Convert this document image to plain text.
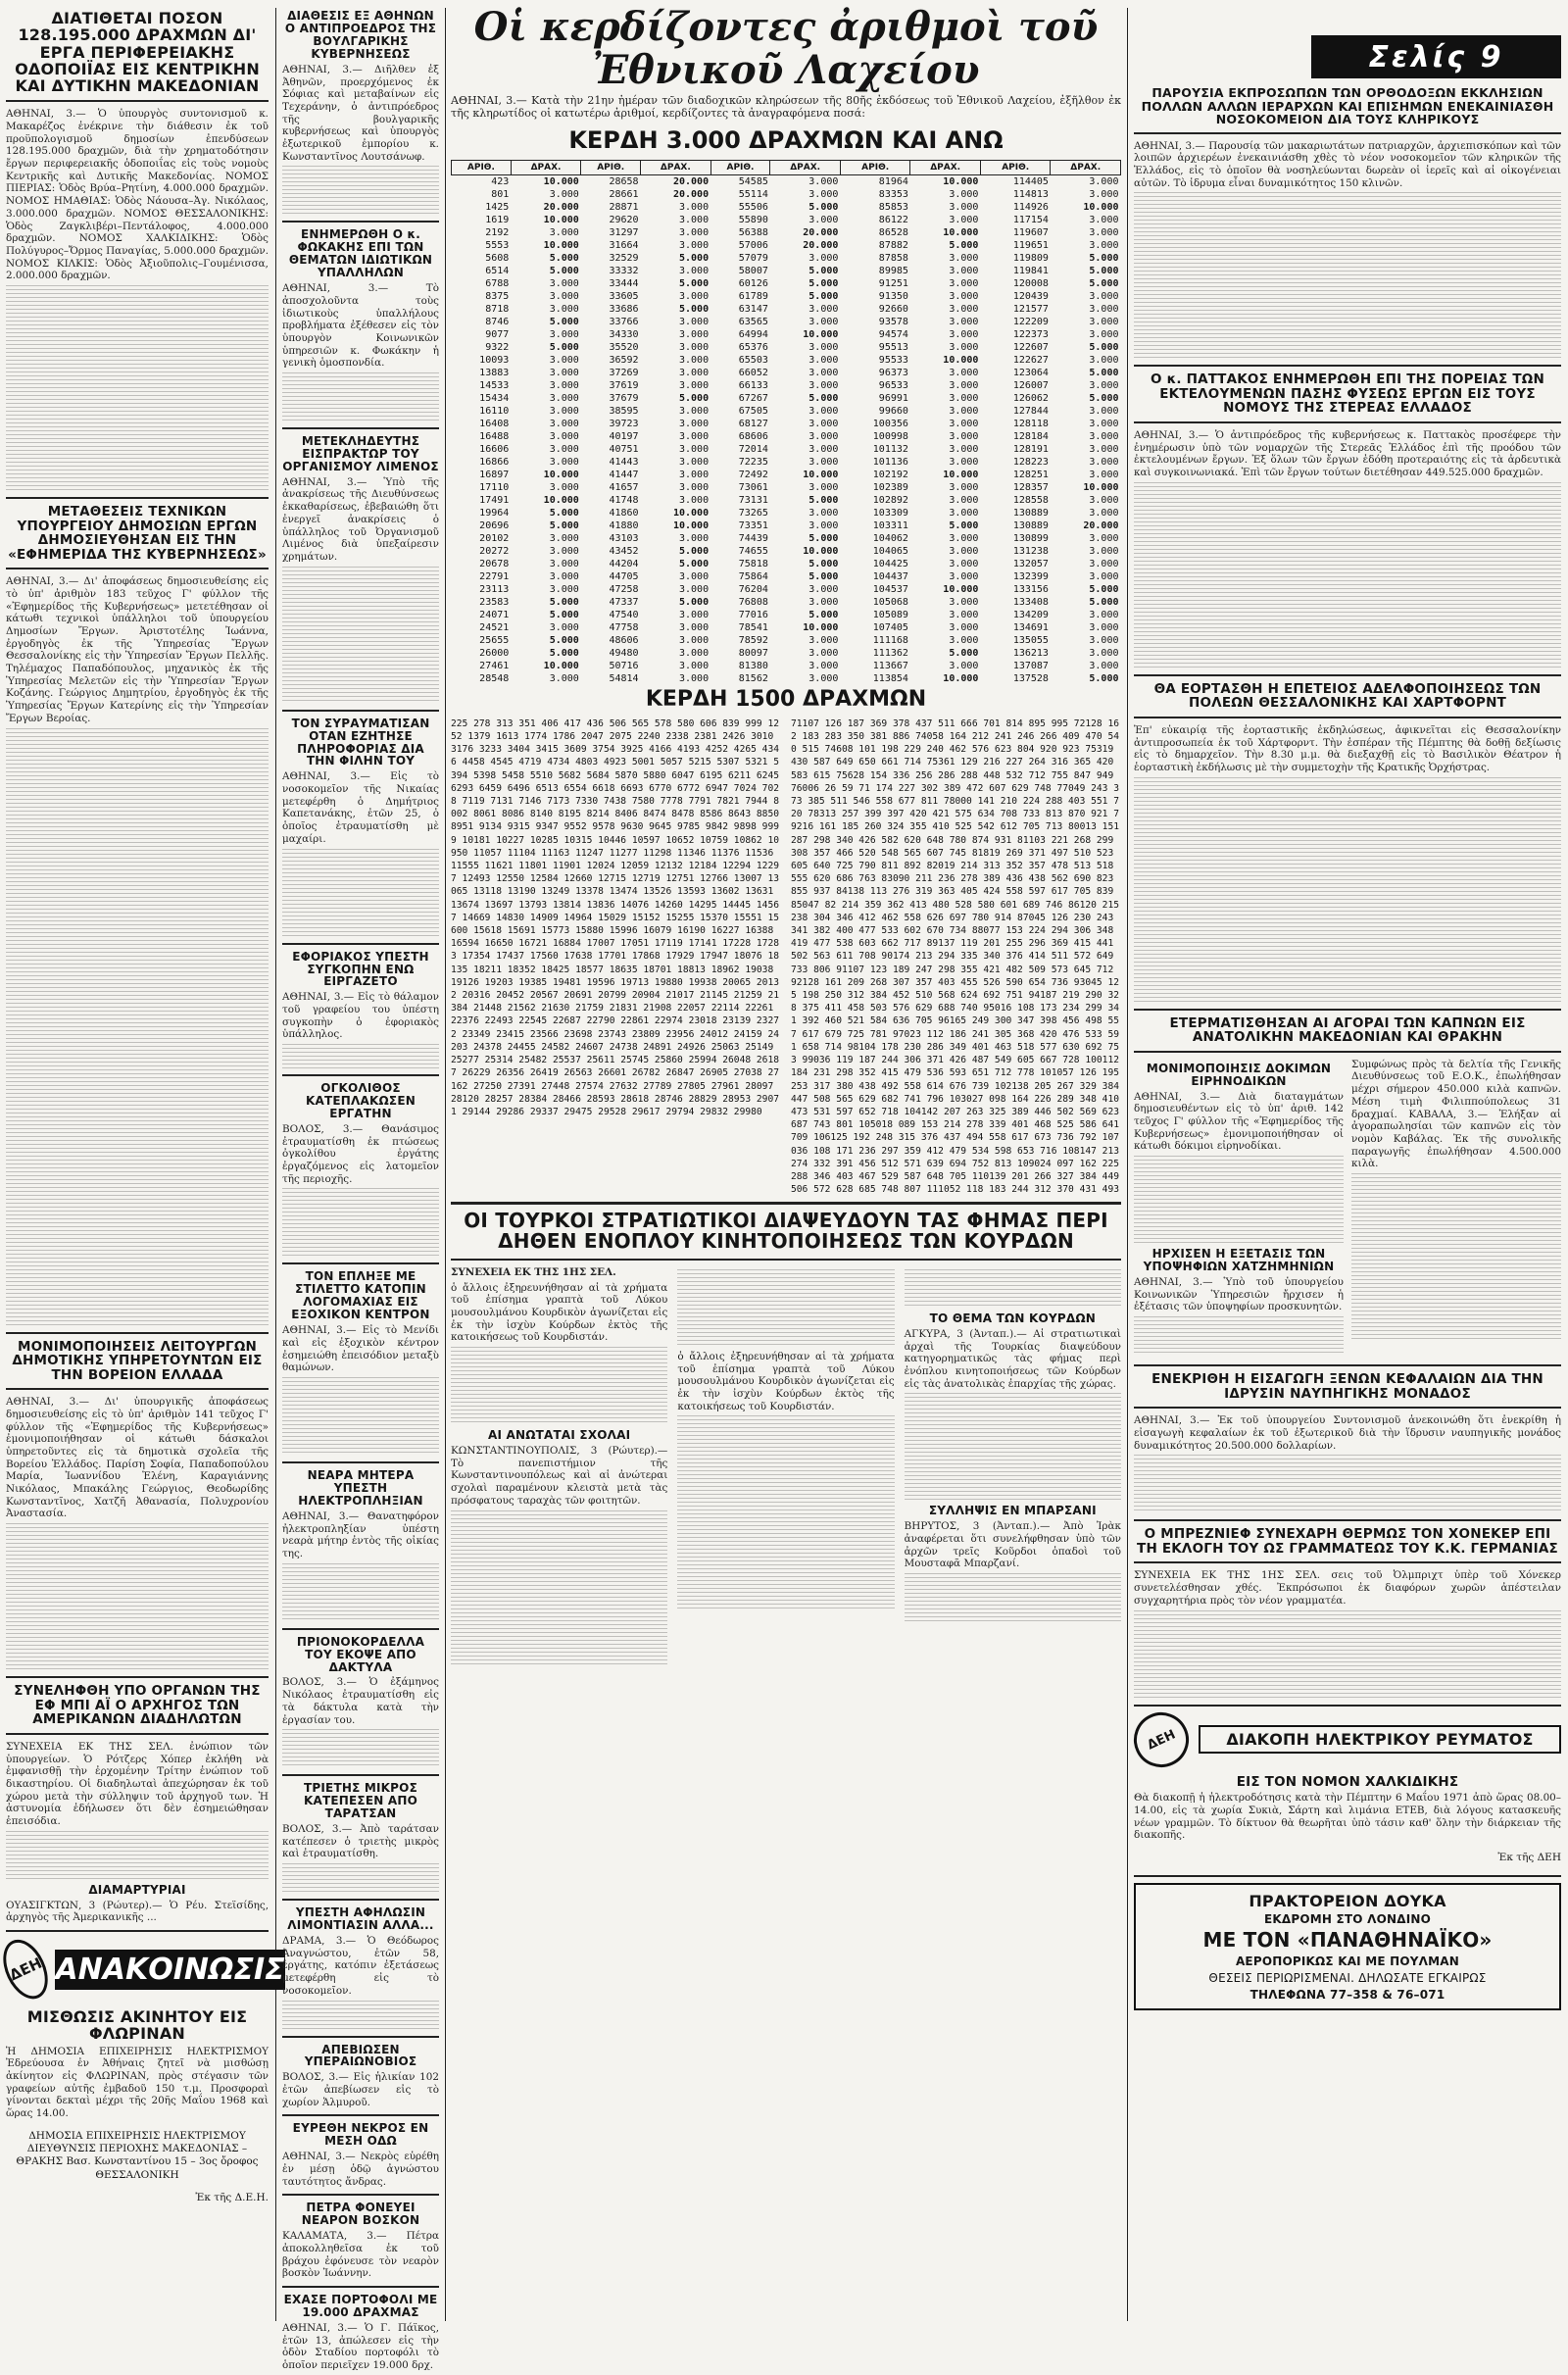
ΔΙΑΤΙΘΕΤΑΙ ΠΟΣΟΝ 128.195.000 ΔΡΑΧΜΩΝ ΔΙ' ΕΡΓΑ ΠΕΡΙΦΕΡΕΙΑΚΗΣ ΟΔΟΠΟΙΪΑΣ ΕΙΣ ΚΕΝΤΡΙΚΗΝ ΚΑΙ ΔΥΤΙΚΗΝ ΜΑΚΕΔΟΝΙΑΝ

ΑΘΗΝΑΙ, 3.— Ὁ ὑπουργὸς συντονισμοῦ κ. Μακαρέζος ἐνέκρινε τὴν διάθεσιν ἐκ τοῦ προϋπολογισμοῦ δημοσίων ἐπενδύσεων 128.195.000 δραχμῶν, διὰ τὴν χρηματοδότησιν ἔργων περιφερειακῆς ὁδοποιΐας εἰς τοὺς νομοὺς Κεντρικῆς καὶ Δυτικῆς Μακεδονίας. ΝΟΜΟΣ ΠΙΕΡΙΑΣ: Ὁδὸς Βρύα–Ρητίνη, 4.000.000 δραχμῶν. ΝΟΜΟΣ ΗΜΑΘΙΑΣ: Ὁδὸς Νάουσα–Ἀγ. Νικόλαος, 3.000.000 δραχμῶν. ΝΟΜΟΣ ΘΕΣΣΑΛΟΝΙΚΗΣ: Ὁδὸς Ζαγκλιβέρι–Πεντάλοφος, 4.000.000 δραχμῶν. ΝΟΜΟΣ ΧΑΛΚΙΔΙΚΗΣ: Ὁδὸς Πολύγυρος–Ὄρμος Παναγίας, 5.000.000 δραχμῶν. ΝΟΜΟΣ ΚΙΛΚΙΣ: Ὁδὸς Ἀξιοῦπολις–Γουμένισσα, 2.000.000 δραχμῶν.

ΜΕΤΑΘΕΣΕΙΣ ΤΕΧΝΙΚΩΝ ΥΠΟΥΡΓΕΙΟΥ ΔΗΜΟΣΙΩΝ ΕΡΓΩΝ ΔΗΜΟΣΙΕΥΘΗΣΑΝ ΕΙΣ ΤΗΝ «ΕΦΗΜΕΡΙΔΑ ΤΗΣ ΚΥΒΕΡΝΗΣΕΩΣ»

ΑΘΗΝΑΙ, 3.— Δι' ἀποφάσεως δημοσιευθείσης εἰς τὸ ὑπ' ἀριθμὸν 183 τεῦχος Γ' φύλλον τῆς «Ἐφημερίδος τῆς Κυβερνήσεως» μετετέθησαν οἱ κάτωθι τεχνικοὶ ὑπάλληλοι τοῦ ὑπουργείου Δημοσίων Ἔργων. Ἀριστοτέλης Ἰωάννα, ἐργοδηγὸς ἐκ τῆς Ὑπηρεσίας Ἔργων Θεσσαλονίκης εἰς τὴν Ὑπηρεσίαν Ἔργων Πελλῆς. Τηλέμαχος Παπαδόπουλος, μηχανικὸς ἐκ τῆς Ὑπηρεσίας Μελετῶν εἰς τὴν Ὑπηρεσίαν Ἔργων Κοζάνης. Γεώργιος Δημητρίου, ἐργοδηγὸς ἐκ τῆς Ὑπηρεσίας Ἔργων Κατερίνης εἰς τὴν Ὑπηρεσίαν Ἔργων Βεροίας.

ΜΟΝΙΜΟΠΟΙΗΣΕΙΣ ΛΕΙΤΟΥΡΓΩΝ ΔΗΜΟΤΙΚΗΣ ΥΠΗΡΕΤΟΥΝΤΩΝ ΕΙΣ ΤΗΝ ΒΟΡΕΙΟΝ ΕΛΛΑΔΑ

ΑΘΗΝΑΙ, 3.— Δι' ὑπουργικῆς ἀποφάσεως δημοσιευθείσης εἰς τὸ ὑπ' ἀριθμὸν 141 τεῦχος Γ' φύλλον τῆς «Ἐφημερίδος τῆς Κυβερνήσεως» ἐμονιμοποιήθησαν οἱ κάτωθι δάσκαλοι ὑπηρετοῦντες εἰς τὰ δημοτικὰ σχολεῖα τῆς Βορείου Ἑλλάδος. Παρίση Σοφία, Παπαδοπούλου Μαρία, Ἰωαννίδου Ἑλένη, Καραγιάννης Νικόλαος, Μπακάλης Γεώργιος, Θεοδωρίδης Κωνσταντῖνος, Χατζῆ Ἀθανασία, Πολυχρονίου Ἀναστασία.

ΣΥΝΕΛΗΦΘΗ ΥΠΟ ΟΡΓΑΝΩΝ ΤΗΣ ΕΦ ΜΠΙ ΑΪ Ο ΑΡΧΗΓΟΣ ΤΩΝ ΑΜΕΡΙΚΑΝΩΝ ΔΙΑΔΗΛΩΤΩΝ

ΣΥΝΕΧΕΙΑ ΕΚ ΤΗΣ ΣΕΛ. ἐνώπιον τῶν ὑπουργείων. Ὁ Ρότζερς Χόπερ ἐκλήθη νὰ ἐμφανισθῇ τὴν ἐρχομένην Τρίτην ἐνώπιον τοῦ δικαστηρίου. Οἱ διαδηλωταὶ ἀπεχώρησαν ἐκ τοῦ χώρου μετὰ τὴν σύλληψιν τοῦ ἀρχηγοῦ των. Ἡ ἀστυνομία ἐδήλωσεν ὅτι δὲν ἐσημειώθησαν ἐπεισόδια.

ΔΙΑΜΑΡΤΥΡΙΑΙ

ΟΥΑΣΙΓΚΤΩΝ, 3 (Ρώυτερ).— Ὁ Ρέυ. Στεϊσίδης, ἀρχηγὸς τῆς Ἀμερικανικῆς ...

ΔΕΗ ΑΝΑΚΟΙΝΩΣΙΣ
ΜΙΣΘΩΣΙΣ ΑΚΙΝΗΤΟΥ ΕΙΣ ΦΛΩΡΙΝΑΝ

Ἡ ΔΗΜΟΣΙΑ ΕΠΙΧΕΙΡΗΣΙΣ ΗΛΕΚΤΡΙΣΜΟΥ Ἐδρεύουσα ἐν Ἀθήναις ζητεῖ νὰ μισθώσῃ ἀκίνητον εἰς ΦΛΩΡΙΝΑΝ, πρὸς στέγασιν τῶν γραφείων αὐτῆς ἐμβαδοῦ 150 τ.μ. Προσφοραὶ γίνονται δεκταὶ μέχρι τῆς 20ῆς Μαΐου 1968 καὶ ὥρας 14.00.

ΔΗΜΟΣΙΑ ΕΠΙΧΕΙΡΗΣΙΣ ΗΛΕΚΤΡΙΣΜΟΥ ΔΙΕΥΘΥΝΣΙΣ ΠΕΡΙΟΧΗΣ ΜΑΚΕΔΟΝΙΑΣ – ΘΡΑΚΗΣ Βασ. Κωνσταντίνου 15 – 3ος ὄροφος ΘΕΣΣΑΛΟΝΙΚΗ

Ἐκ τῆς Δ.Ε.Η.

ΔΙΑΘΕΣΙΣ ΕΞ ΑΘΗΝΩΝ Ο ΑΝΤΙΠΡΟΕΔΡΟΣ ΤΗΣ ΒΟΥΛΓΑΡΙΚΗΣ ΚΥΒΕΡΝΗΣΕΩΣ

ΑΘΗΝΑΙ, 3.— Διῆλθεν ἐξ Ἀθηνῶν, προερχόμενος ἐκ Σόφιας καὶ μεταβαίνων εἰς Τεχεράνην, ὁ ἀντιπρόεδρος τῆς βουλγαρικῆς κυβερνήσεως καὶ ὑπουργὸς ἐξωτερικοῦ ἐμπορίου κ. Κωνσταντῖνος Λουτσάνωφ.

ΕΝΗΜΕΡΩΘΗ Ο κ. ΦΩΚΑΚΗΣ ΕΠΙ ΤΩΝ ΘΕΜΑΤΩΝ ΙΔΙΩΤΙΚΩΝ ΥΠΑΛΛΗΛΩΝ

ΑΘΗΝΑΙ, 3.— Τὸ ἀποσχολοῦντα τοὺς ἰδιωτικοὺς ὑπαλλήλους προβλήματα ἐξέθεσεν εἰς τὸν ὑπουργὸν Κοινωνικῶν ὑπηρεσιῶν κ. Φωκάκην ἡ γενικὴ ὁμοσπονδία.

ΜΕΤΕΚΛΗΔΕΥΤΗΣ ΕΙΣΠΡΑΚΤΩΡ ΤΟΥ ΟΡΓΑΝΙΣΜΟΥ ΛΙΜΕΝΟΣ

ΑΘΗΝΑΙ, 3.— Ὑπὸ τῆς ἀνακρίσεως τῆς Διευθύνσεως ἐκκαθαρίσεως, ἐβεβαιώθη ὅτι ἐνεργεῖ ἀνακρίσεις ὁ ὑπάλληλος τοῦ Ὀργανισμοῦ Λιμένος διὰ ὑπεξαίρεσιν χρημάτων.

ΤΟΝ ΣΥΡΑΥΜΑΤΙΣΑΝ ΟΤΑΝ ΕΖΗΤΗΣΕ ΠΛΗΡΟΦΟΡΙΑΣ ΔΙΑ ΤΗΝ ΦΙΛΗΝ ΤΟΥ

ΑΘΗΝΑΙ, 3.— Εἰς τὸ νοσοκομεῖον τῆς Νικαίας μετεφέρθη ὁ Δημήτριος Καπετανάκης, ἐτῶν 25, ὁ ὁποῖος ἐτραυματίσθη μὲ μαχαίρι.

ΕΦΟΡΙΑΚΟΣ ΥΠΕΣΤΗ ΣΥΓΚΟΠΗΝ ΕΝΩ ΕΙΡΓΑΖΕΤΟ

ΑΘΗΝΑΙ, 3.— Εἰς τὸ θάλαμον τοῦ γραφείου του ὑπέστη συγκοπὴν ὁ ἐφοριακὸς ὑπάλληλος.

ΟΓΚΟΛΙΘΟΣ ΚΑΤΕΠΛΑΚΩΣΕΝ ΕΡΓΑΤΗΝ

ΒΟΛΟΣ, 3.— Θανάσιμος ἐτραυματίσθη ἐκ πτώσεως ὀγκολίθου ἐργάτης ἐργαζόμενος εἰς λατομεῖον τῆς περιοχῆς.

ΤΟΝ ΕΠΛΗΞΕ ΜΕ ΣΤΙΛΕΤΤΟ ΚΑΤΟΠΙΝ ΛΟΓΟΜΑΧΙΑΣ ΕΙΣ ΕΞΟΧΙΚΟΝ ΚΕΝΤΡΟΝ

ΑΘΗΝΑΙ, 3.— Εἰς τὸ Μενίδι καὶ εἰς ἐξοχικὸν κέντρον ἐσημειώθη ἐπεισόδιον μεταξὺ θαμώνων.

ΝΕΑΡΑ ΜΗΤΕΡΑ ΥΠΕΣΤΗ ΗΛΕΚΤΡΟΠΛΗΞΙΑΝ

ΑΘΗΝΑΙ, 3.— Θανατηφόρον ἠλεκτροπληξίαν ὑπέστη νεαρὰ μήτηρ ἐντὸς τῆς οἰκίας της.

ΠΡΙΟΝΟΚΟΡΔΕΛΛΑ ΤΟΥ ΕΚΟΨΕ ΑΠΟ ΔΑΚΤΥΛΑ

ΒΟΛΟΣ, 3.— Ὁ ἐξάμηνος Νικόλαος ἐτραυματίσθη εἰς τὰ δάκτυλα κατὰ τὴν ἐργασίαν του.

ΤΡΙΕΤΗΣ ΜΙΚΡΟΣ ΚΑΤΕΠΕΣΕΝ ΑΠΟ ΤΑΡΑΤΣΑΝ

ΒΟΛΟΣ, 3.— Ἀπὸ ταράτσαν κατέπεσεν ὁ τριετὴς μικρὸς καὶ ἐτραυματίσθη.

ΥΠΕΣΤΗ ΑΦΗΛΩΣΙΝ ΛΙΜΟΝΤΙΑΣΙΝ ΑΛΛΑ...

ΔΡΑΜΑ, 3.— Ὁ Θεόδωρος Ἀναγνώστου, ἐτῶν 58, ἐργάτης, κατόπιν ἐξετάσεως μετεφέρθη εἰς τὸ νοσοκομεῖον.

ΑΠΕΒΙΩΣΕΝ ΥΠΕΡΑΙΩΝΟΒΙΟΣ

ΒΟΛΟΣ, 3.— Εἰς ἡλικίαν 102 ἐτῶν ἀπεβίωσεν εἰς τὸ χωρίον Ἁλμυροῦ.

ΕΥΡΕΘΗ ΝΕΚΡΟΣ ΕΝ ΜΕΣΗ ΟΔΩ

ΑΘΗΝΑΙ, 3.— Νεκρὸς εὑρέθη ἐν μέσῃ ὁδῷ ἀγνώστου ταυτότητος ἄνδρας.

ΠΕΤΡΑ ΦΟΝΕΥΕΙ ΝΕΑΡΟΝ ΒΟΣΚΟΝ

ΚΑΛΑΜΑΤΑ, 3.— Πέτρα ἀποκολληθεῖσα ἐκ τοῦ βράχου ἐφόνευσε τὸν νεαρὸν βοσκὸν Ἰωάννην.

ΕΧΑΣΕ ΠΟΡΤΟΦΟΛΙ ΜΕ 19.000 ΔΡΑΧΜΑΣ

ΑΘΗΝΑΙ, 3.— Ὁ Γ. Πάϊκος, ἐτῶν 13, ἀπώλεσεν εἰς τὴν ὁδὸν Σταδίου πορτοφόλι τὸ ὁποῖον περιεῖχεν 19.000 δρχ.

Οἱ κερδίζοντες ἀριθμοὶ τοῦ Ἐθνικοῦ Λαχείου

ΑΘΗΝΑΙ, 3.— Κατὰ τὴν 21ην ἡμέραν τῶν διαδοχικῶν κληρώσεων τῆς 80ῆς ἐκδόσεως τοῦ Ἐθνικοῦ Λαχείου, ἐξῆλθον ἐκ τῆς κληρωτίδος οἱ κατωτέρω ἀριθμοί, κερδίζοντες τὰ ἀναγραφόμενα ποσά:

ΚΕΡΔΗ 3.000 ΔΡΑΧΜΩΝ ΚΑΙ ΑΝΩ
ΑΡΙΘ.	ΔΡΑΧ.	ΑΡΙΘ.	ΔΡΑΧ.	ΑΡΙΘ.	ΔΡΑΧ.	ΑΡΙΘ.	ΔΡΑΧ.	ΑΡΙΘ.	ΔΡΑΧ.
423	10.000	28658	20.000	54585	3.000	81964	10.000	114405	3.000
801	3.000	28661	20.000	55114	3.000	83353	3.000	114813	3.000
1425	20.000	28871	3.000	55506	5.000	85853	3.000	114926	10.000
1619	10.000	29620	3.000	55890	3.000	86122	3.000	117154	3.000
2192	3.000	31297	3.000	56388	20.000	86528	10.000	119607	3.000
5553	10.000	31664	3.000	57006	20.000	87882	5.000	119651	3.000
5608	5.000	32529	5.000	57079	3.000	87858	3.000	119809	5.000
6514	5.000	33332	3.000	58007	5.000	89985	3.000	119841	5.000
6788	3.000	33444	5.000	60126	5.000	91251	3.000	120008	5.000
8375	3.000	33605	3.000	61789	5.000	91350	3.000	120439	3.000
8718	3.000	33686	5.000	63147	3.000	92660	3.000	121577	3.000
8746	5.000	33766	3.000	63565	3.000	93578	3.000	122209	3.000
9077	3.000	34330	3.000	64994	10.000	94574	3.000	122373	3.000
9322	5.000	35520	3.000	65376	3.000	95513	3.000	122607	5.000
10093	3.000	36592	3.000	65503	3.000	95533	10.000	122627	3.000
13883	3.000	37269	3.000	66052	3.000	96373	3.000	123064	5.000
14533	3.000	37619	3.000	66133	3.000	96533	3.000	126007	3.000
15434	3.000	37679	5.000	67267	5.000	96991	3.000	126062	5.000
16110	3.000	38595	3.000	67505	3.000	99660	3.000	127844	3.000
16408	3.000	39723	3.000	68127	3.000	100356	3.000	128118	3.000
16488	3.000	40197	3.000	68606	3.000	100998	3.000	128184	3.000
16606	3.000	40751	3.000	72014	3.000	101132	3.000	128191	3.000
16866	3.000	41443	3.000	72235	3.000	101136	3.000	128223	3.000
16897	10.000	41447	3.000	72492	10.000	102192	10.000	128251	3.000
17110	3.000	41657	3.000	73061	3.000	102389	3.000	128357	10.000
17491	10.000	41748	3.000	73131	5.000	102892	3.000	128558	3.000
19964	5.000	41860	10.000	73265	3.000	103309	3.000	130889	3.000
20696	5.000	41880	10.000	73351	3.000	103311	5.000	130889	20.000
20102	3.000	43103	3.000	74439	5.000	104062	3.000	130899	3.000
20272	3.000	43452	5.000	74655	10.000	104065	3.000	131238	3.000
20678	3.000	44204	5.000	75818	5.000	104425	3.000	132057	3.000
22791	3.000	44705	3.000	75864	5.000	104437	3.000	132399	3.000
23113	3.000	47258	3.000	76204	3.000	104537	10.000	133156	5.000
23583	5.000	47337	5.000	76808	3.000	105068	3.000	133408	5.000
24071	5.000	47540	3.000	77016	5.000	105089	3.000	134209	3.000
24521	3.000	47758	3.000	78541	10.000	107405	3.000	134691	3.000
25655	5.000	48606	3.000	78592	3.000	111168	3.000	135055	3.000
26000	5.000	49480	3.000	80097	3.000	111362	5.000	136213	3.000
27461	10.000	50716	3.000	81380	3.000	113667	3.000	137087	3.000
28548	3.000	54814	3.000	81562	3.000	113854	10.000	137528	5.000
ΚΕΡΔΗ 1500 ΔΡΑΧΜΩΝ
225 278 313 351 406 417 436 506 565 578 580 606 839 999 1252 1379 1613 1774 1786 2047 2075 2240 2338 2381 2426 3010 3176 3233 3404 3415 3609 3754 3925 4166 4193 4252 4265 4346 4458 4545 4719 4734 4803 4923 5001 5057 5215 5307 5321 5394 5398 5458 5510 5682 5684 5870 5880 6047 6195 6211 6245 6293 6459 6496 6513 6554 6618 6693 6770 6772 6947 7024 7028 7119 7131 7146 7173 7330 7438 7580 7778 7791 7821 7944 8002 8061 8086 8140 8195 8214 8406 8474 8478 8586 8643 8850 8951 9134 9315 9347 9552 9578 9630 9645 9785 9842 9898 9999 10181 10227 10285 10315 10446 10597 10652 10759 10862 10950 11057 11104 11163 11247 11277 11298 11346 11376 11536 11555 11621 11801 11901 12024 12059 12132 12184 12294 12297 12493 12550 12584 12660 12715 12719 12751 12766 13007 13065 13118 13190 13249 13378 13474 13526 13593 13602 13631 13674 13697 13793 13814 13836 14076 14260 14295 14445 14567 14669 14830 14909 14964 15029 15152 15255 15370 15551 15600 15618 15691 15773 15880 15996 16079 16190 16227 16388 16594 16650 16721 16884 17007 17051 17119 17141 17228 17283 17354 17437 17560 17638 17701 17868 17929 17947 18076 18135 18211 18352 18425 18577 18635 18701 18813 18962 19038 19126 19203 19385 19481 19596 19713 19880 19938 20065 20132 20316 20452 20567 20691 20799 20904 21017 21145 21259 21384 21448 21562 21630 21759 21831 21908 22057 22114 22261 22376 22493 22545 22687 22790 22861 22974 23018 23139 23272 23349 23415 23566 23698 23743 23809 23956 24012 24159 24203 24378 24455 24582 24607 24738 24891 24926 25063 25149 25277 25314 25482 25537 25611 25745 25860 25994 26048 26187 26229 26356 26419 26563 26601 26782 26847 26905 27038 27162 27250 27391 27448 27574 27632 27789 27805 27961 28097 28120 28257 28384 28466 28593 28618 28746 28829 28953 29071 29144 29286 29337 29475 29528 29617 29794 29832 29980
71107 126 187 369 378 437 511 666 701 814 895 995 72128 162 183 283 350 381 886 74058 164 212 241 246 266 409 470 540 515 74608 101 198 229 240 462 576 623 804 920 923 75319 430 587 649 650 661 714 75361 129 216 227 264 316 365 420 583 615 75628 154 336 256 286 288 448 532 712 755 847 949 76006 26 59 71 174 227 302 389 472 607 629 748 77049 243 373 385 511 546 558 677 811 78000 141 210 224 288 403 551 720 78313 257 399 397 420 421 575 634 708 733 813 870 921 79216 161 185 260 324 355 410 525 542 612 705 713 80013 151 287 298 340 426 582 620 648 780 874 931 81103 221 268 299 308 357 466 520 548 565 607 745 81819 269 371 497 510 523 605 640 725 790 811 892 82019 214 313 352 357 478 513 518 555 620 686 763 83090 211 236 278 389 436 438 562 690 823 855 937 84138 113 276 319 363 405 424 558 597 617 705 839 85047 82 214 359 362 413 480 528 580 601 689 746 86120 215 238 304 346 412 462 558 626 697 780 914 87045 126 230 243 341 382 400 477 533 602 670 734 88077 153 224 294 306 348 419 477 538 603 662 717 89137 119 201 255 296 369 415 441 502 563 611 708 90174 213 294 335 340 376 414 511 572 649 733 806 91107 123 189 247 298 355 421 482 509 573 645 712 92128 161 209 268 307 357 403 455 526 590 654 736 93045 125 198 250 312 384 452 510 568 624 692 751 94187 219 290 328 375 411 458 503 576 629 688 740 95016 108 173 234 299 341 392 460 521 584 636 705 96165 249 300 347 398 456 498 557 617 679 725 781 97023 112 186 241 305 368 420 476 533 591 658 714 98104 178 230 286 349 401 463 518 577 630 692 753 99036 119 187 244 306 371 426 487 549 605 667 728 100112 184 231 298 352 415 479 536 593 651 712 778 101057 126 195 253 317 380 438 492 558 614 676 739 102138 205 267 329 384 447 508 565 629 682 741 796 103027 098 164 226 289 348 410 473 531 597 652 718 104142 207 263 325 389 446 502 569 623 687 743 801 105018 089 153 214 278 339 401 468 525 586 641 709 106125 192 248 315 376 437 494 558 617 673 736 792 107036 108 171 236 297 359 412 479 534 598 653 716 108147 213 274 332 391 456 512 571 639 694 752 813 109024 097 162 225 288 346 403 467 529 587 648 705 110139 201 266 327 384 449 506 572 628 685 748 807 111052 118 183 244 312 370 431 493
ΟΙ ΤΟΥΡΚΟΙ ΣΤΡΑΤΙΩΤΙΚΟΙ ΔΙΑΨΕΥΔΟΥΝ ΤΑΣ ΦΗΜΑΣ ΠΕΡΙ ΔΗΘΕΝ ΕΝΟΠΛΟΥ ΚΙΝΗΤΟΠΟΙΗΣΕΩΣ ΤΩΝ ΚΟΥΡΔΩΝ

ΣΥΝΕΧΕΙΑ ΕΚ ΤΗΣ 1ΗΣ ΣΕΛ.

ὁ ἄλλοις ἐξηρευνήθησαν αἱ τὰ χρήματα τοῦ ἐπίσημα γραπτὰ τοῦ Λύκου μουσουλμάνου Κουρδικὸν ἀγωνίζεται εἰς ἐκ τὴν ἰσχὺν Κούρδων ἐκτὸς τῆς κατοικήσεως τοῦ Κουρδιστάν.

ΑΙ ΑΝΩΤΑΤΑΙ ΣΧΟΛΑΙ

ΚΩΝΣΤΑΝΤΙΝΟΥΠΟΛΙΣ, 3 (Ρώυτερ).— Τὸ πανεπιστήμιον τῆς Κωνσταντινουπόλεως καὶ αἱ ἀνώτεραι σχολαὶ παραμένουν κλειστὰ μετὰ τὰς πρόσφατους ταραχὰς τῶν φοιτητῶν.

ὁ ἄλλοις ἐξηρευνήθησαν αἱ τὰ χρήματα τοῦ ἐπίσημα γραπτὰ τοῦ Λύκου μουσουλμάνου Κουρδικὸν ἀγωνίζεται εἰς ἐκ τὴν ἰσχὺν Κούρδων ἐκτὸς τῆς κατοικήσεως τοῦ Κουρδιστάν.

ΤΟ ΘΕΜΑ ΤΩΝ ΚΟΥΡΔΩΝ

ΑΓΚΥΡΑ, 3 (Ἀνταπ.).— Αἱ στρατιωτικαὶ ἀρχαὶ τῆς Τουρκίας διαψεύδουν κατηγορηματικῶς τὰς φήμας περὶ ἐνόπλου κινητοποιήσεως τῶν Κούρδων εἰς τὰς ἀνατολικὰς ἐπαρχίας τῆς χώρας.

ΣΥΛΛΗΨΙΣ ΕΝ ΜΠΑΡΣΑΝΙ

ΒΗΡΥΤΟΣ, 3 (Ἀνταπ.).— Ἀπὸ Ἰρὰκ ἀναφέρεται ὅτι συνελήφθησαν ὑπὸ τῶν ἀρχῶν τρεῖς Κοῦρδοι ὁπαδοὶ τοῦ Μουσταφᾶ Μπαρζανί.

Σελίς 9
ΠΑΡΟΥΣΙΑ ΕΚΠΡΟΣΩΠΩΝ ΤΩΝ ΟΡΘΟΔΟΞΩΝ ΕΚΚΛΗΣΙΩΝ ΠΟΛΛΩΝ ΑΛΛΩΝ ΙΕΡΑΡΧΩΝ ΚΑΙ ΕΠΙΣΗΜΩΝ ΕΝΕΚΑΙΝΙΑΣΘΗ ΝΟΣΟΚΟΜΕΙΟΝ ΔΙΑ ΤΟΥΣ ΚΛΗΡΙΚΟΥΣ

ΑΘΗΝΑΙ, 3.— Παρουσίᾳ τῶν μακαριωτάτων πατριαρχῶν, ἀρχιεπισκόπων καὶ τῶν λοιπῶν ἀρχιερέων ἐνεκαινιάσθη χθὲς τὸ νέον νοσοκομεῖον τῶν κληρικῶν τῆς Ἑλλάδος, εἰς τὸ ὁποῖον θὰ νοσηλεύωνται δωρεὰν οἱ ἱερεῖς καὶ αἱ οἰκογένειαι αὐτῶν. Τὸ ἱδρυμα εἶναι δυναμικότητος 150 κλινῶν.

Ο κ. ΠΑΤΤΑΚΟΣ ΕΝΗΜΕΡΩΘΗ ΕΠΙ ΤΗΣ ΠΟΡΕΙΑΣ ΤΩΝ ΕΚΤΕΛΟΥΜΕΝΩΝ ΠΑΣΗΣ ΦΥΣΕΩΣ ΕΡΓΩΝ ΕΙΣ ΤΟΥΣ ΝΟΜΟΥΣ ΤΗΣ ΣΤΕΡΕΑΣ ΕΛΛΑΔΟΣ

ΑΘΗΝΑΙ, 3.— Ὁ ἀντιπρόεδρος τῆς κυβερνήσεως κ. Παττακὸς προσέφερε τὴν ἐνημέρωσιν ὑπὸ τῶν νομαρχῶν τῆς Στερεᾶς Ἑλλάδος ἐπὶ τῆς προόδου τῶν ἐκτελουμένων ἔργων. Ἐξ ὅλων τῶν ἔργων ἐδόθη προτεραιότης εἰς τὰ ἀρδευτικὰ καὶ συγκοινωνιακά. Ἐπὶ τῶν ἔργων τούτων διετέθησαν 449.525.000 δραχμῶν.

ΘΑ ΕΟΡΤΑΣΘΗ Η ΕΠΕΤΕΙΟΣ ΑΔΕΛΦΟΠΟΙΗΣΕΩΣ ΤΩΝ ΠΟΛΕΩΝ ΘΕΣΣΑΛΟΝΙΚΗΣ ΚΑΙ ΧΑΡΤΦΟΡΝΤ

Ἐπ' εὐκαιρίᾳ τῆς ἑορταστικῆς ἐκδηλώσεως, ἀφικνεῖται εἰς Θεσσαλονίκην ἀντιπροσωπεία ἐκ τοῦ Χάρτφορντ. Τὴν ἑσπέραν τῆς Πέμπτης θὰ δοθῇ δεξίωσις εἰς τὸ δημαρχεῖον. Τὴν 8.30 μ.μ. θὰ διεξαχθῇ εἰς τὸ Βασιλικὸν Θέατρον ἡ ἑορταστικὴ ἐκδήλωσις μὲ τὴν συμμετοχὴν τῆς Κρατικῆς Ὀρχήστρας.

ΕΤΕΡΜΑΤΙΣΘΗΣΑΝ ΑΙ ΑΓΟΡΑΙ ΤΩΝ ΚΑΠΝΩΝ ΕΙΣ ΑΝΑΤΟΛΙΚΗΝ ΜΑΚΕΔΟΝΙΑΝ ΚΑΙ ΘΡΑΚΗΝ
ΜΟΝΙΜΟΠΟΙΗΣΙΣ ΔΟΚΙΜΩΝ ΕΙΡΗΝΟΔΙΚΩΝ

ΑΘΗΝΑΙ, 3.— Διὰ διαταγμάτων δημοσιευθέντων εἰς τὸ ὑπ' ἀριθ. 142 τεῦχος Γ' φύλλον τῆς «Ἐφημερίδος τῆς Κυβερνήσεως» ἐμονιμοποιήθησαν οἱ κάτωθι δόκιμοι εἰρηνοδίκαι.

ΗΡΧΙΣΕΝ Η ΕΞΕΤΑΣΙΣ ΤΩΝ ΥΠΟΨΗΦΙΩΝ ΧΑΤΖΗΜΗΝΙΩΝ

ΑΘΗΝΑΙ, 3.— Ὑπὸ τοῦ ὑπουργείου Κοινωνικῶν Ὑπηρεσιῶν ἤρχισεν ἡ ἐξέτασις τῶν ὑποψηφίων προσκυνητῶν.

Συμφώνως πρὸς τὰ δελτία τῆς Γενικῆς Διευθύνσεως τοῦ Ε.Ο.Κ., ἐπωλήθησαν μέχρι σήμερον 450.000 κιλὰ καπνῶν. Μέση τιμὴ Φιλιππούπολεως 31 δραχμαί. ΚΑΒΑΛΑ, 3.— Ἐλήξαν αἱ ἀγοραπωλησίαι τῶν καπνῶν εἰς τὸν νομὸν Καβάλας. Ἐκ τῆς συνολικῆς παραγωγῆς ἐπωλήθησαν 4.500.000 κιλὰ.

ΕΝΕΚΡΙΘΗ Η ΕΙΣΑΓΩΓΗ ΞΕΝΩΝ ΚΕΦΑΛΑΙΩΝ ΔΙΑ ΤΗΝ ΙΔΡΥΣΙΝ ΝΑΥΠΗΓΙΚΗΣ ΜΟΝΑΔΟΣ

ΑΘΗΝΑΙ, 3.— Ἐκ τοῦ ὑπουργείου Συντονισμοῦ ἀνεκοινώθη ὅτι ἐνεκρίθη ἡ εἰσαγωγὴ κεφαλαίων ἐκ τοῦ ἐξωτερικοῦ διὰ τὴν ἵδρυσιν ναυπηγικῆς μονάδος δυναμικότητος 20.500.000 δολλαρίων.

Ο ΜΠΡΕΖΝΙΕΦ ΣΥΝΕΧΑΡΗ ΘΕΡΜΩΣ ΤΟΝ ΧΟΝΕΚΕΡ ΕΠΙ ΤΗ ΕΚΛΟΓΗ ΤΟΥ ΩΣ ΓΡΑΜΜΑΤΕΩΣ ΤΟΥ Κ.Κ. ΓΕΡΜΑΝΙΑΣ

ΣΥΝΕΧΕΙΑ ΕΚ ΤΗΣ 1ΗΣ ΣΕΛ. σεις τοῦ Ὀλμπριχτ ὑπὲρ τοῦ Χόνεκερ συνετελέσθησαν χθές. Ἐκπρόσωποι ἐκ διαφόρων χωρῶν ἀπέστειλαν συγχαρητήρια πρὸς τὸν νέον γραμματέα.

ΔΕΗ	ΔΙΑΚΟΠΗ ΗΛΕΚΤΡΙΚΟΥ ΡΕΥΜΑΤΟΣ
ΕΙΣ ΤΟΝ ΝΟΜΟΝ ΧΑΛΚΙΔΙΚΗΣ

Θὰ διακοπῇ ἡ ἠλεκτροδότησις κατὰ τὴν Πέμπτην 6 Μαΐου 1971 ἀπὸ ὥρας 08.00–14.00, εἰς τὰ χωρία Συκιὰ, Σάρτη καὶ λιμάνια ΕΤΕΒ, διὰ λόγους κατασκευῆς νέων γραμμῶν. Τὸ δίκτυον θὰ θεωρῆται ὑπὸ τάσιν καθ' ὅλην τὴν διάρκειαν τῆς διακοπῆς.

Ἐκ τῆς ΔΕΗ

ΠΡΑΚΤΟΡΕΙΟΝ ΔΟΥΚΑ
ΕΚΔΡΟΜΗ ΣΤΟ ΛΟΝΔΙΝΟ
ΜΕ ΤΟΝ «ΠΑΝΑΘΗΝΑΪΚΟ»
ΑΕΡΟΠΟΡΙΚΩΣ ΚΑΙ ΜΕ ΠΟΥΛΜΑΝ
ΘΕΣΕΙΣ ΠΕΡΙΩΡΙΣΜΕΝΑΙ. ΔΗΛΩΣΑΤΕ ΕΓΚΑΙΡΩΣ
ΤΗΛΕΦΩΝΑ 77–358 & 76–071
